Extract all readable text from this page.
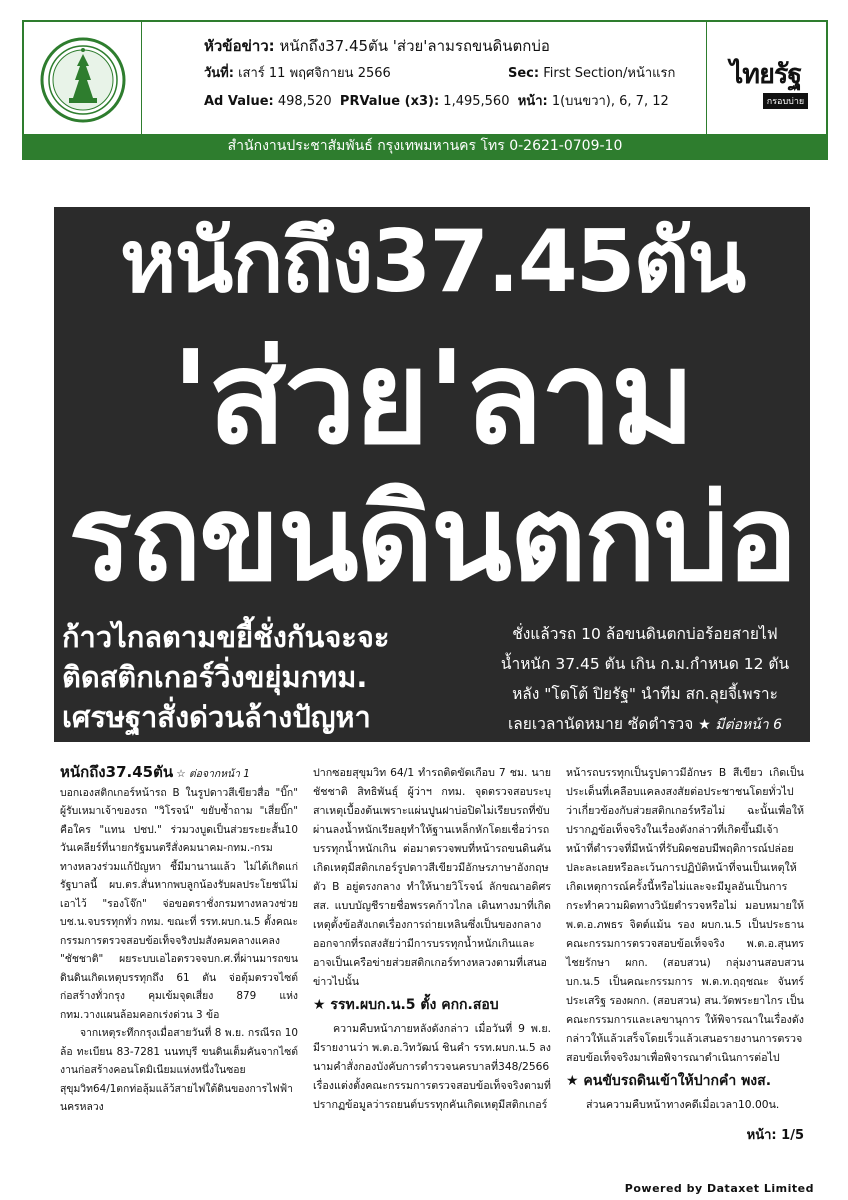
หัวข้อข่าว: หนักถึง37.45ตัน 'ส่วย'ลามรถขนดินตกบ่อ
วันที่: เสาร์ 11 พฤศจิกายน 2566	Sec: First Section/หน้าแรก
Ad Value: 498,520 PRValue (x3): 1,495,560 หน้า: 1(บนขวา), 6, 7, 12
ไทยรัฐ
กรอบบ่าย
สำนักงานประชาสัมพันธ์ กรุงเทพมหานคร โทร 0-2621-0709-10
หนักถึง37.45ตัน
'ส่วย'ลาม
รถขนดินตกบ่อ
ก้าวไกลตามขยี้ชั่งกันจะจะ
ติดสติกเกอร์วิ่งขยุ่มกทม.
เศรษฐาสั่งด่วนล้างปัญหา
ชั่งแล้วรถ 10 ล้อขนดินตกบ่อร้อยสายไฟ
น้ำหนัก 37.45 ตัน เกิน ก.ม.กำหนด 12 ตัน
หลัง "โตโต้ ปิยรัฐ" นำทีม สก.ลุยจี้เพราะ
เลยเวลานัดหมาย ซัดตำรวจ ★ มีต่อหน้า 6

หนักถึง37.45ตัน ☆ ต่อจากหน้า 1

บอกเองสติกเกอร์หน้ารถ B ในรูปดาวสีเขียวสื่อ "บิ๊ก" ผู้รับเหมาเจ้าของรถ "วิโรจน์" ขยับซ้ำถาม "เสี่ยบิ๊ก" คือใคร "แทน ปชป." ร่วมวงบูดเป็นส่วยระยะสั้น10 วันเคลียร์ที่นายกรัฐมนตรีสั่งคมนาคม-กทม.-กรมทางหลวงร่วมแก้ปัญหา ชี้มีมานานแล้ว ไม่ได้เกิดแก่รัฐบาลนี้ ผบ.ตร.สั่นหากพบลูกน้องรับผลประโยชน์ไม่เอาไว้ "รองโจ๊ก" จ่อขอตราชั่งกรมทางหลวงช่วย บช.น.จบรรทุกทั่ว กทม. ขณะที่ รรท.ผบก.น.5 ตั้งคณะกรรมการตรวจสอบข้อเท็จจริงปมสังคมคลางแคลง "ชัชชาติ" ผยระบบเอไอตรวจจบก.ศ.ที่ผ่านมารถขนดินดินเกิดเหตุบรรทุกถึง 61 ตัน จ่อตุ้มตรวจไซต์ก่อสร้างทั่วกรุง คุมเข้มจุดเสี่ยง 879 แห่ง กทม.วางแผนล้อมคอกเร่งด่วน 3 ข้อ

จากเหตุระทึกกรุงเมื่อสายวันที่ 8 พ.ย. กรณีรถ 10 ล้อ ทะเบียน 83-7281 นนทบุรี ขนดินเต็มคันจากไซต์งานก่อสร้างคอนโดมิเนียมแห่งหนึ่งในซอยสุขุมวิท64/1ตกท่อลุ้มแล้ว้สายไฟใต้ดินของการไฟฟ้านครหลวง

ปากซอยสุขุมวิท 64/1 ทำรถติดขัดเกือบ 7 ชม. นายชัชชาติ สิทธิพันธุ์ ผู้ว่าฯ กทม. จุดตรวจสอบระบุสาเหตุเบื้องต้นเพราะแผ่นปูนฝาบ่อปิดไม่เรียบรถที่ขับผ่านลงน้ำหนักเรียลยุทำให้ฐานเหล็กหักโดยเชื่อว่ารถบรรทุกน้ำหนักเกิน ต่อมาตรวจพบที่หน้ารถขนดินคันเกิดเหตุมีสติกเกอร์รูปดาวสีเขียวมีอักษรภาษาอังกฤษตัว B อยู่ตรงกลาง ทำให้นายวิโรจน์ ลักขณาอดิศร สส. แบบบัญชีรายชื่อพรรคก้าวไกล เดินทางมาที่เกิดเหตุตั้งข้อสังเกตเรื่องการถ่ายเหลินซึ่งเป็นของกลางออกจากที่รถสงสัยว่ามีการบรรทุกน้ำหนักเกินและอาจเป็นเครือข่ายส่วยสติกเกอร์ทางหลวงตามที่เสนอข่าวไปนั้น

★ รรท.ผบก.น.5 ตั้ง คกก.สอบ

ความคืบหน้าภายหลังดังกล่าว เมื่อวันที่ 9 พ.ย. มีรายงานว่า พ.ต.อ.วิทวัฒน์ ชินคำ รรท.ผบก.น.5 ลงนามคำสั่งกองบังคับการตำรวจนครบาลที่348/2566 เรื่องแต่งตั้งคณะกรรมการตรวจสอบข้อเท็จจริงตามที่ปรากฏข้อมูลว่ารถยนต์บรรทุกคันเกิดเหตุมีสติกเกอร์

หน้ารถบรรทุกเป็นรูปดาวมีอักษร B สีเขียว เกิดเป็นประเด็นที่เคลือบแคลงสงสัยต่อประชาชนโดยทั่วไปว่าเกี่ยวข้องกับส่วยสติกเกอร์หรือไม่ ฉะนั้นเพื่อให้ปรากฏข้อเท็จจริงในเรื่องดังกล่าวที่เกิดขึ้นมีเจ้าหน้าที่ตำรวจที่มีหน้าที่รับผิดชอบมีพฤติการณ์ปล่อยปละละเลยหรือละเว้นการปฏิบัติหน้าที่จนเป็นเหตุให้เกิดเหตุการณ์ครั้งนี้หรือไม่และจะมีมูลอันเป็นการกระทำความผิดทางวินัยตำรวจหรือไม่ มอบหมายให้ พ.ต.อ.ภพธร จิตต์แม้น รอง ผบก.น.5 เป็นประธานคณะกรรมการตรวจสอบข้อเท็จจริง พ.ต.อ.สุนทร ไชยรักษา ผกก. (สอบสวน) กลุ่มงานสอบสวน บก.น.5 เป็นคณะกรรมการ พ.ต.ท.ฤฤชณะ จันทร์ประเสริฐ รองผกก. (สอบสวน) สน.วัดพระยาไกร เป็นคณะกรรมการและเลขานุการ ให้พิจารณาในเรื่องดังกล่าวให้แล้วเสร็จโดยเร็วแล้วเสนอรายงานการตรวจสอบข้อเท็จจริงมาเพื่อพิจารณาดำเนินการต่อไป

★ คนขับรถดินเข้าให้ปากคำ พงส.

ส่วนความคืบหน้าทางคดีเมื่อเวลา10.00น.

หน้า: 1/5
Powered by Dataxet Limited
